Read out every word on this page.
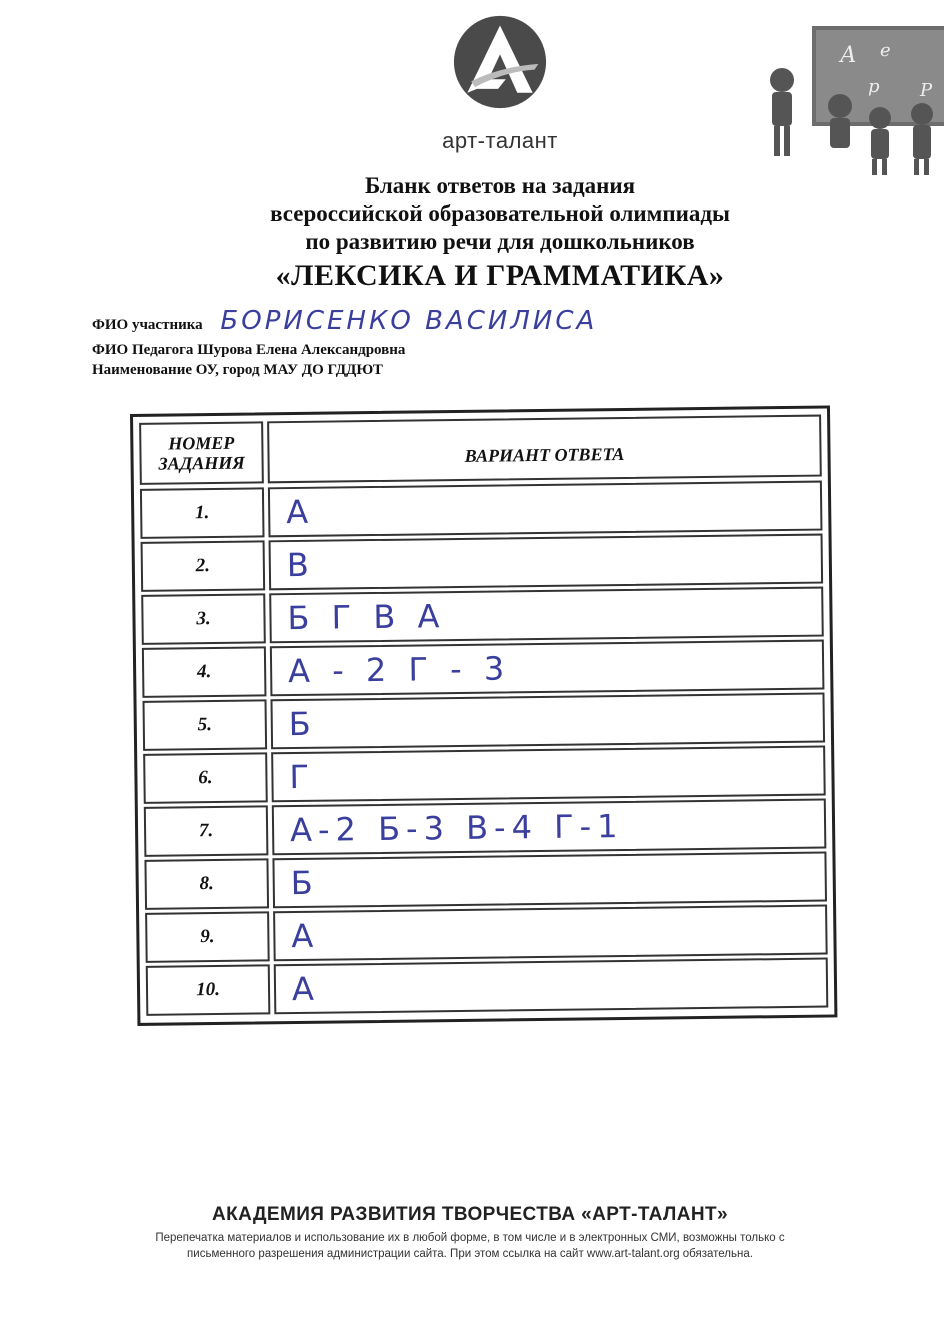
арт-талант
А е
р Р
Бланк ответов на задания
всероссийской образовательной олимпиады
по развитию речи для дошкольников
«ЛЕКСИКА И ГРАММАТИКА»
ФИО участника БОРИСЕНКО ВАСИЛИСА
ФИО Педагога Шурова Елена Александровна
Наименование ОУ, город МАУ ДО ГДДЮТ
НОМЕР
ЗАДАНИЯ	ВАРИАНТ ОТВЕТА
1.	А
2.	В
3.	Б Г В А
4.	А - 2 Г - 3
5.	Б
6.	Г
7.	А-2 Б-3 В-4 Г-1
8.	Б
9.	А
10.	А
АКАДЕМИЯ РАЗВИТИЯ ТВОРЧЕСТВА «АРТ-ТАЛАНТ»
Перепечатка материалов и использование их в любой форме, в том числе и в электронных СМИ, возможны только с
письменного разрешения администрации сайта. При этом ссылка на сайт www.art-talant.org обязательна.
